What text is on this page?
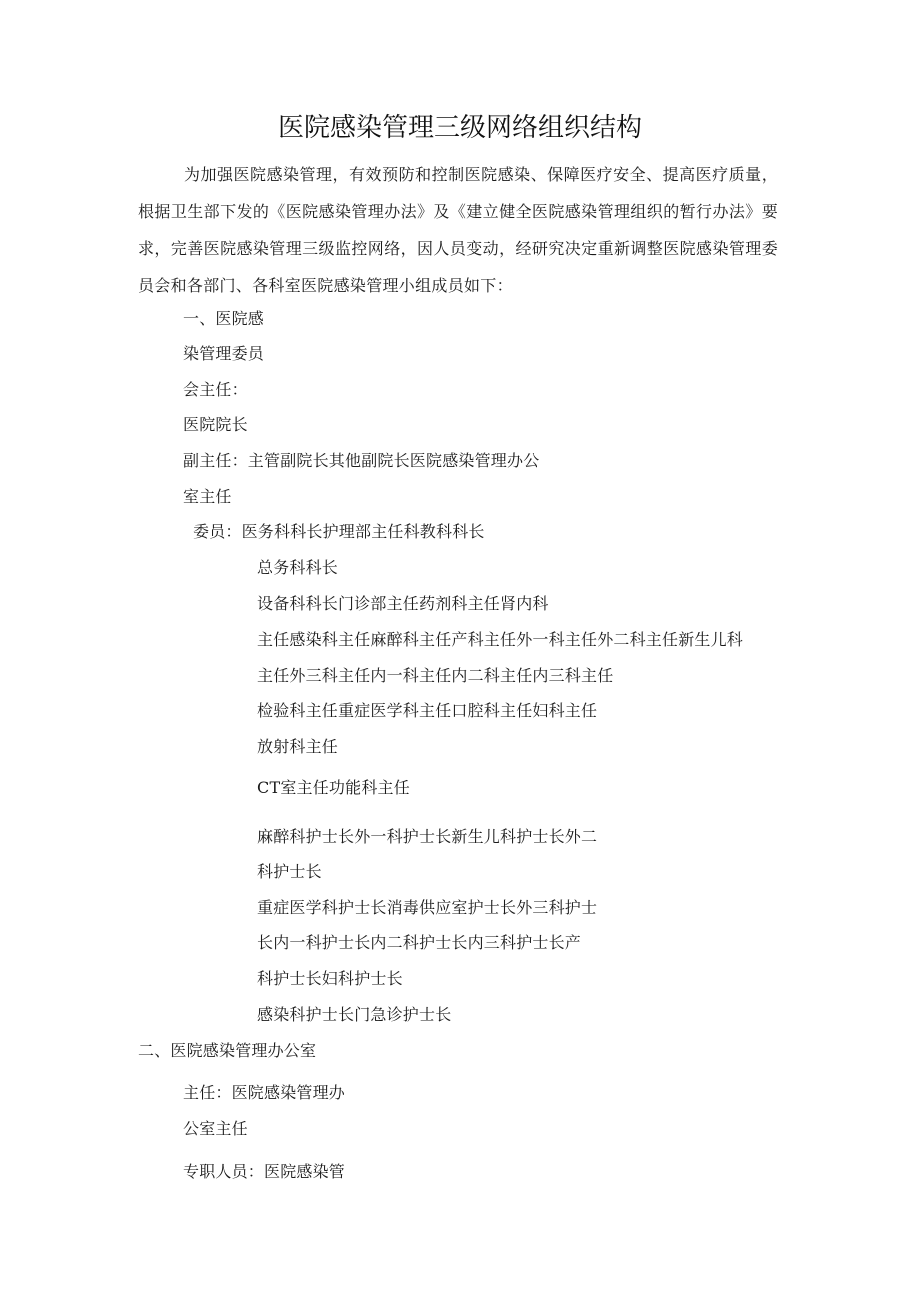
医院感染管理三级网络组织结构
为加强医院感染管理，有效预防和控制医院感染、保障医疗安全、提高医疗质量，根据卫生部下发的《医院感染管理办法》及《建立健全医院感染管理组织的暂行办法》要求，完善医院感染管理三级监控网络，因人员变动，经研究决定重新调整医院感染管理委员会和各部门、各科室医院感染管理小组成员如下：
一、医院感
染管理委员
会主任：
医院院长
副主任：主管副院长其他副院长医院感染管理办公
室主任
委员：医务科科长护理部主任科教科科长
总务科科长
设备科科长门诊部主任药剂科主任肾内科
主任感染科主任麻醉科主任产科主任外一科主任外二科主任新生儿科
主任外三科主任内一科主任内二科主任内三科主任
检验科主任重症医学科主任口腔科主任妇科主任
放射科主任
CT室主任功能科主任
麻醉科护士长外一科护士长新生儿科护士长外二
科护士长
重症医学科护士长消毒供应室护士长外三科护士
长内一科护士长内二科护士长内三科护士长产
科护士长妇科护士长
感染科护士长门急诊护士长
二、医院感染管理办公室
主任：医院感染管理办
公室主任
专职人员：医院感染管
